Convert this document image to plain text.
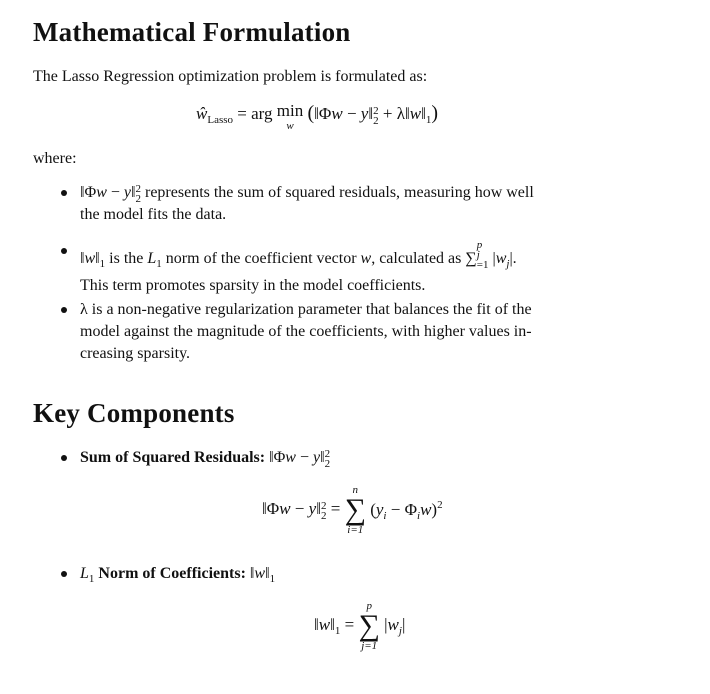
Mathematical Formulation

The Lasso Regression optimization problem is formulated as:

$ŵ_{Lasso}$ = arg min
w
(‖Φw − y‖ 2
$2 + \lambda‖w‖_1$)

where:

‖Φw − y‖ 2
2 represents the sum of squared residuals, measuring how well
the model fits the data.
$‖w‖_1$ is the $L_1$ norm of the coefficient vector w, calculated as ∑
p
j
=1 $|w_j|$.
This term promotes sparsity in the model coefficients.
λ is a non-negative regularization parameter that balances the fit of the
model against the magnitude of the coefficients, with higher values in-
creasing sparsity.
Key Components
Sum of Squared Residuals: ‖Φw − y‖ 2
2
‖Φw − y‖ 2
2 =
n
∑
i=1
$(y_i - \Phi_iw)^2$
$L_1$ Norm of Coefficients: $‖w‖_1$
$‖w‖_1$ =
p
∑
j=1
$|w_j|$
